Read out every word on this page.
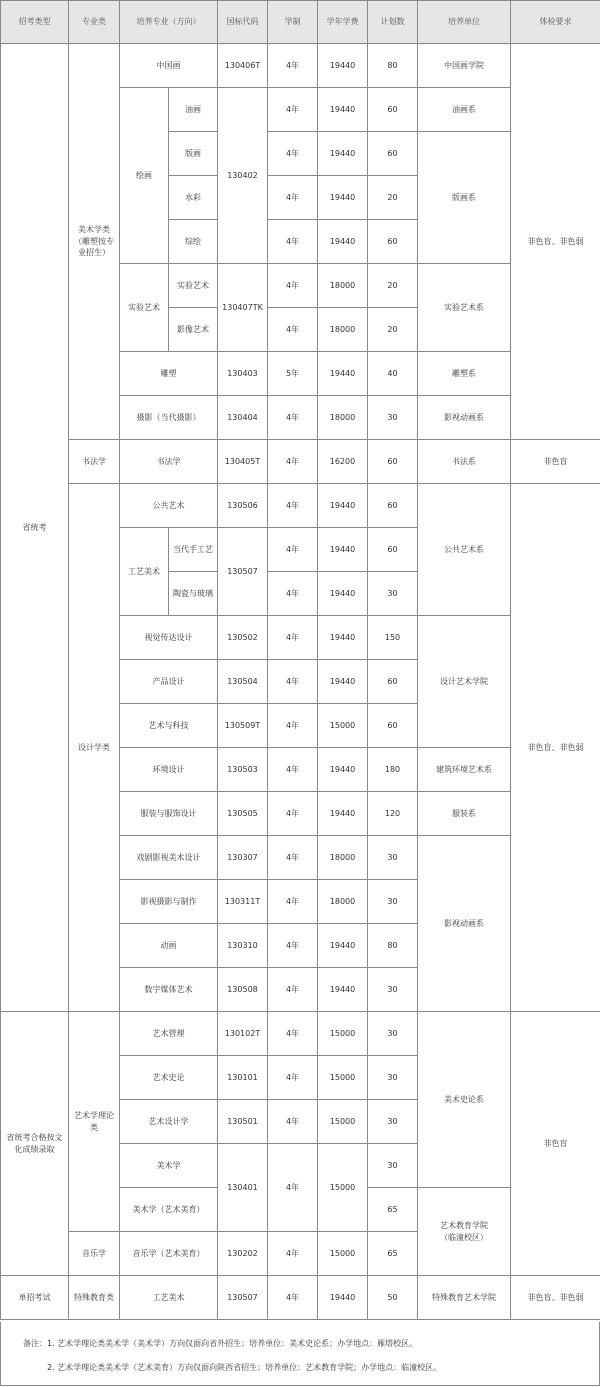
招考类型	专业类	培养专业（方向）		国标代码	学制	学年学费	计划数	培养单位	体检要求
省统考	美术学类（雕塑按专业招生）	中国画		130406T	4年	19440	80	中国画学院	非色盲、非色弱
		绘画	油画	130402	4年	19440	60	油画系	
			版画		4年	19440	60	版画系	
			水彩		4年	19440	20		
			综绘		4年	19440	60		
		实验艺术	实验艺术	130407TK	4年	18000	20	实验艺术系	
			影像艺术		4年	18000	20		
		雕塑		130403	5年	19440	40	雕塑系	
		摄影（当代摄影）		130404	4年	18000	30	影视动画系	
	书法学	书法学		130405T	4年	16200	60	书法系	非色盲
	设计学类	公共艺术		130506	4年	19440	60	公共艺术系	非色盲、非色弱
		工艺美术	当代手工艺	130507	4年	19440	60		
			陶瓷与玻璃		4年	19440	30		
		视觉传达设计		130502	4年	19440	150	设计艺术学院	
		产品设计		130504	4年	19440	60		
		艺术与科技		130509T	4年	15000	60		
		环境设计		130503	4年	19440	180	建筑环境艺术系	
		服装与服饰设计		130505	4年	19440	120	服装系	
		戏剧影视美术设计		130307	4年	18000	30	影视动画系	
		影视摄影与制作		130311T	4年	18000	30		
		动画		130310	4年	19440	80		
		数字媒体艺术		130508	4年	19440	30		
省统考合格按文化成绩录取	艺术学理论类	艺术管理		130102T	4年	15000	30	美术史论系	非色盲
		艺术史论		130101	4年	15000	30		
		艺术设计学		130501	4年	15000	30		
		美术学		130401	4年	15000	30		
		美术学（艺术美育）					65	艺术教育学院（临潼校区）	
	音乐学	音乐学（艺术美育）		130202	4年	15000	65		
单招考试	特殊教育类	工艺美术		130507	4年	19440	50	特殊教育艺术学院	非色盲、非色弱
备注：1. 艺术学理论类美术学（美术学）方向仅面向省外招生；培养单位：美术史论系；办学地点：雁塔校区。
2. 艺术学理论类美术学（艺术美育）方向仅面向陕西省招生；培养单位：艺术教育学院；办学地点：临潼校区。
